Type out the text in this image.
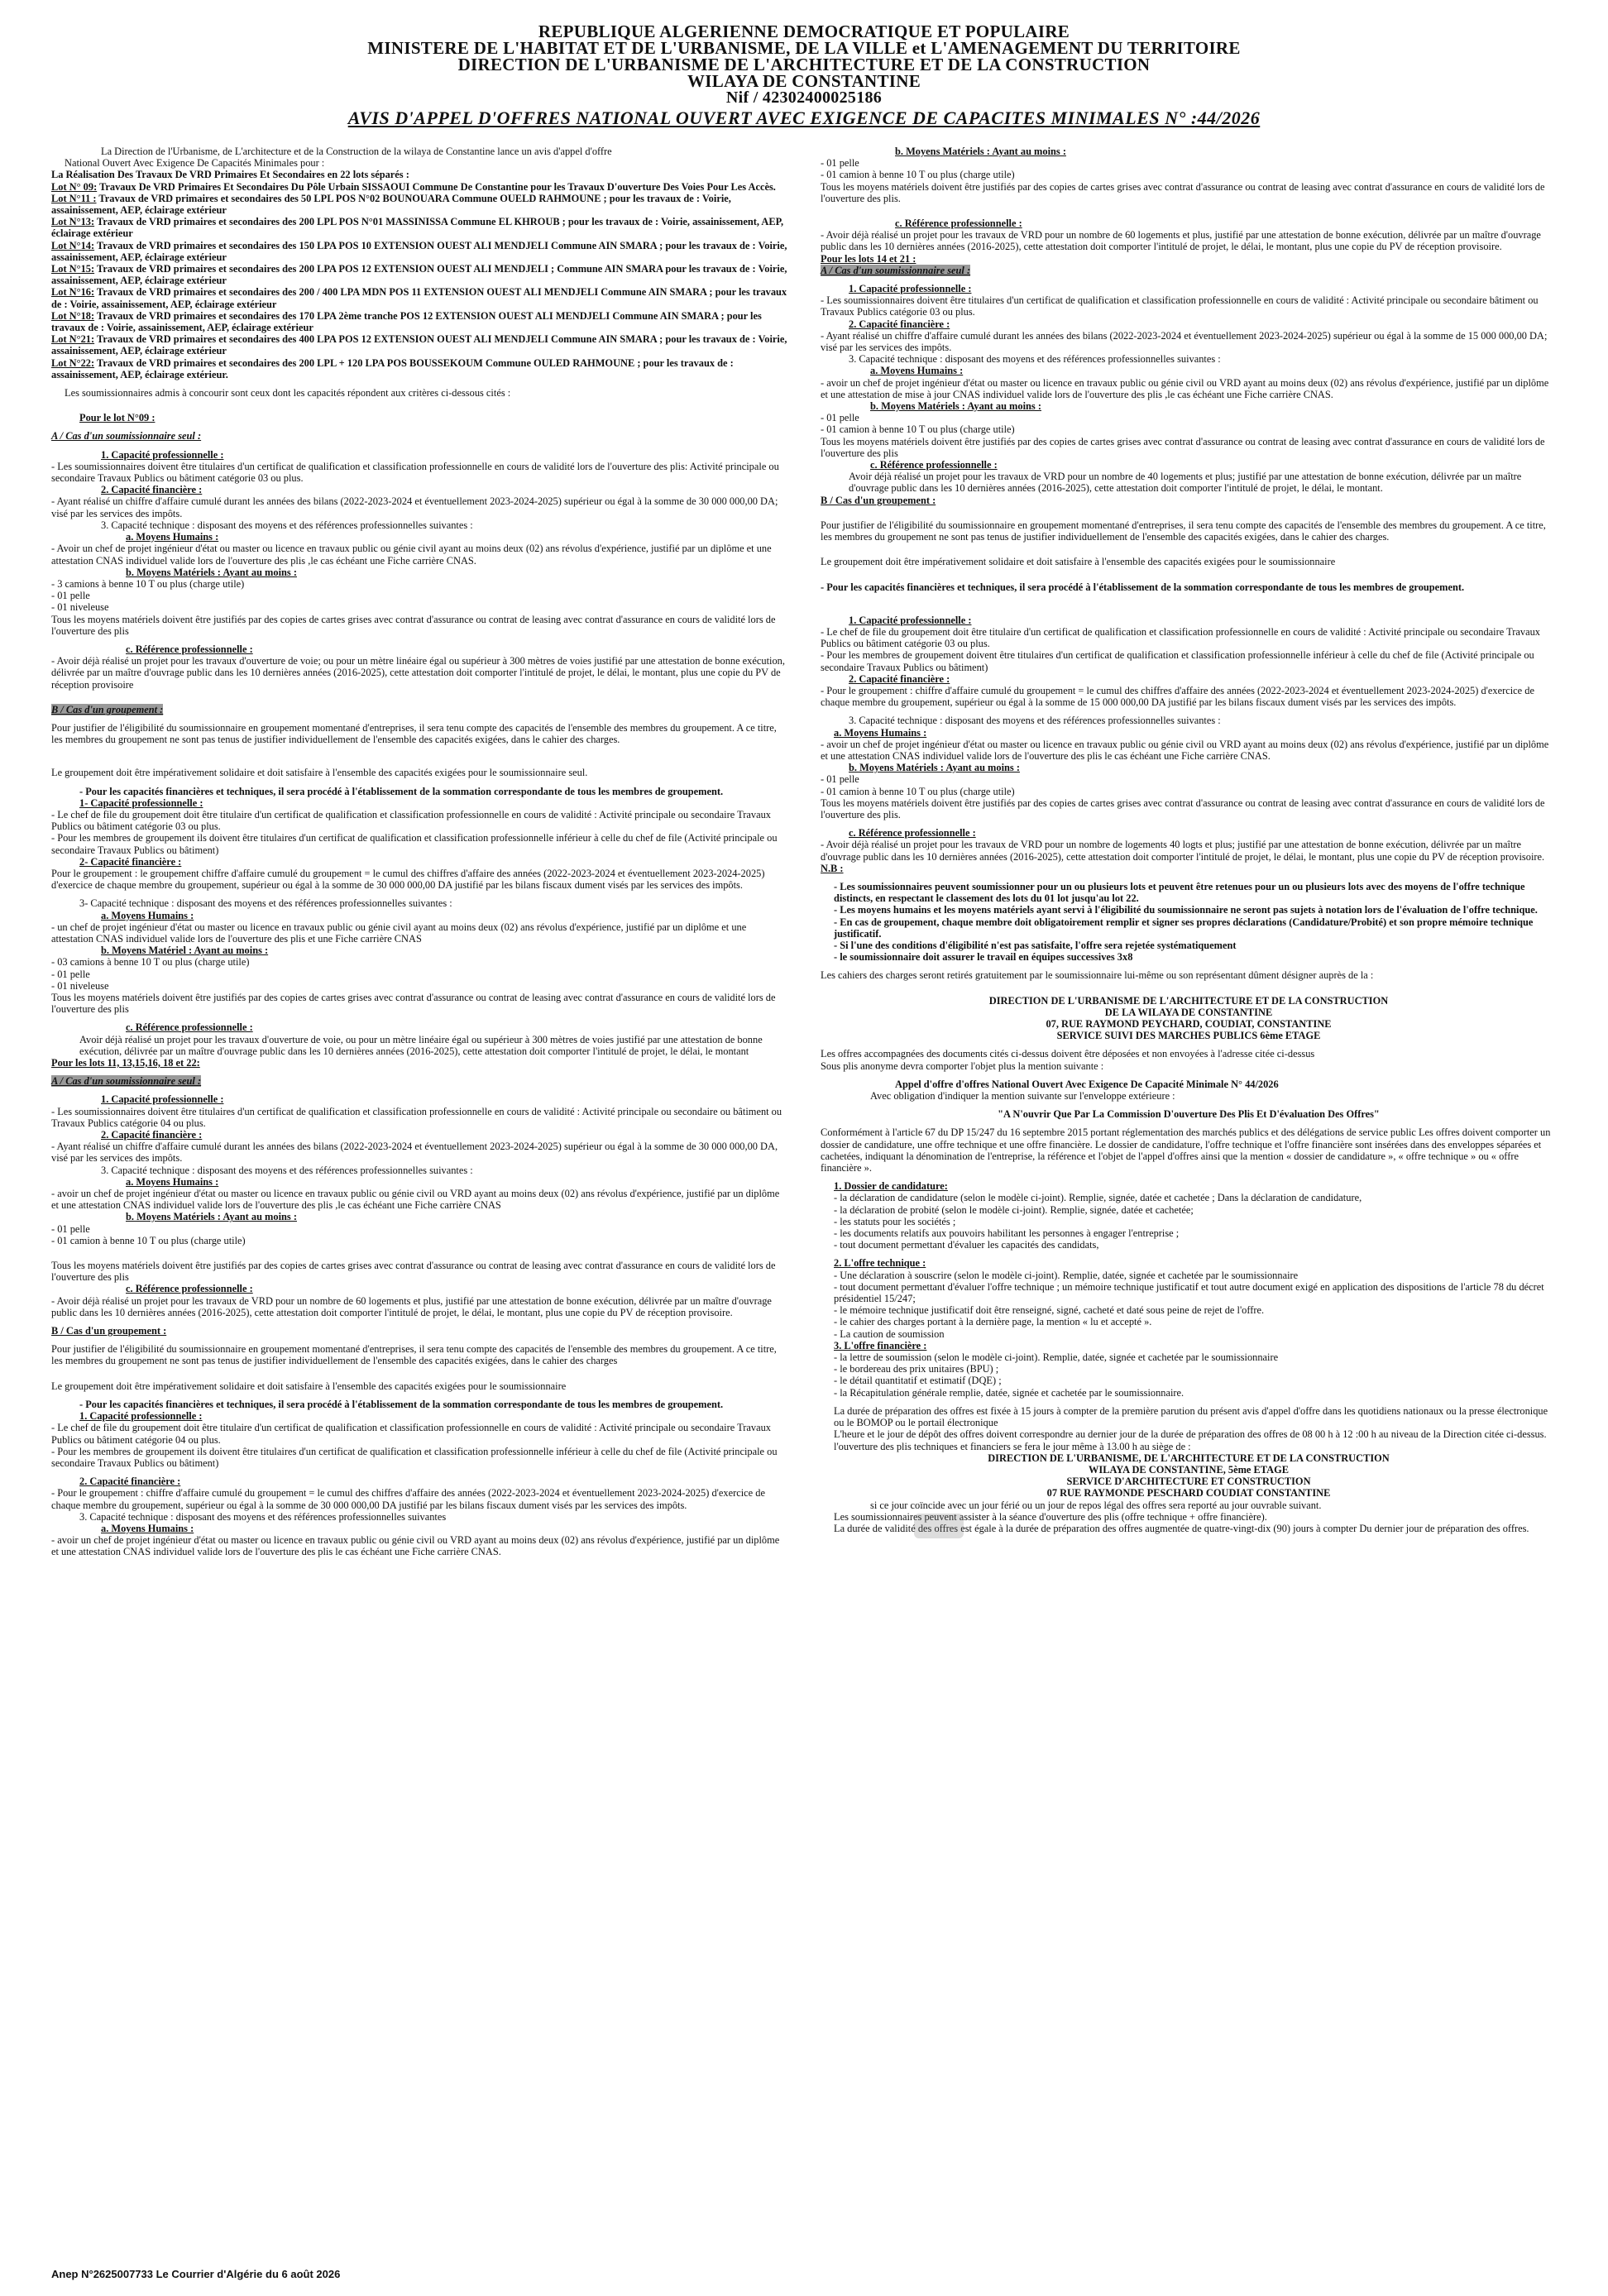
REPUBLIQUE ALGERIENNE DEMOCRATIQUE ET POPULAIRE
MINISTERE DE L'HABITAT ET DE L'URBANISME, DE LA VILLE et L'AMENAGEMENT DU TERRITOIRE
DIRECTION DE L'URBANISME DE L'ARCHITECTURE ET DE LA CONSTRUCTION
WILAYA DE CONSTANTINE
Nif / 42302400025186
AVIS D'APPEL D'OFFRES NATIONAL OUVERT AVEC EXIGENCE DE CAPACITES MINIMALES N° :44/2026

La Direction de l'Urbanisme, de L'architecture et de la Construction de la wilaya de Constantine lance un avis d'appel d'offre

National Ouvert Avec Exigence De Capacités Minimales pour :

La Réalisation Des Travaux De VRD Primaires Et Secondaires en 22 lots séparés :

Lot N° 09: Travaux De VRD Primaires Et Secondaires Du Pôle Urbain SISSAOUI Commune De Constantine pour les Travaux D'ouverture Des Voies Pour Les Accès.

Lot N°11 : Travaux de VRD primaires et secondaires des 50 LPL POS N°02 BOUNOUARA Commune OUELD RAHMOUNE ; pour les travaux de : Voirie, assainissement, AEP, éclairage extérieur

Lot N°13: Travaux de VRD primaires et secondaires des 200 LPL POS N°01 MASSINISSA Commune EL KHROUB ; pour les travaux de : Voirie, assainissement, AEP, éclairage extérieur

Lot N°14: Travaux de VRD primaires et secondaires des 150 LPA POS 10 EXTENSION OUEST ALI MENDJELI Commune AIN SMARA ; pour les travaux de : Voirie, assainissement, AEP, éclairage extérieur

Lot N°15: Travaux de VRD primaires et secondaires des 200 LPA POS 12 EXTENSION OUEST ALI MENDJELI ; Commune AIN SMARA pour les travaux de : Voirie, assainissement, AEP, éclairage extérieur

Lot N°16: Travaux de VRD primaires et secondaires des 200 / 400 LPA MDN POS 11 EXTENSION OUEST ALI MENDJELI Commune AIN SMARA ; pour les travaux de : Voirie, assainissement, AEP, éclairage extérieur

Lot N°18: Travaux de VRD primaires et secondaires des 170 LPA 2ème tranche POS 12 EXTENSION OUEST ALI MENDJELI Commune AIN SMARA ; pour les travaux de : Voirie, assainissement, AEP, éclairage extérieur

Lot N°21: Travaux de VRD primaires et secondaires des 400 LPA POS 12 EXTENSION OUEST ALI MENDJELI Commune AIN SMARA ; pour les travaux de : Voirie, assainissement, AEP, éclairage extérieur

Lot N°22: Travaux de VRD primaires et secondaires des 200 LPL + 120 LPA POS BOUSSEKOUM Commune OULED RAHMOUNE ; pour les travaux de : assainissement, AEP, éclairage extérieur.

Les soumissionnaires admis à concourir sont ceux dont les capacités répondent aux critères ci-dessous cités :

Pour le lot N°09 :

A / Cas d'un soumissionnaire seul :

1. Capacité professionnelle :

- Les soumissionnaires doivent être titulaires d'un certificat de qualification et classification professionnelle en cours de validité lors de l'ouverture des plis: Activité principale ou secondaire Travaux Publics ou bâtiment catégorie 03 ou plus.

2. Capacité financière :

- Ayant réalisé un chiffre d'affaire cumulé durant les années des bilans (2022-2023-2024 et éventuellement 2023-2024-2025) supérieur ou égal à la somme de 30 000 000,00 DA; visé par les services des impôts.

3. Capacité technique : disposant des moyens et des références professionnelles suivantes :

a. Moyens Humains :

- Avoir un chef de projet ingénieur d'état ou master ou licence en travaux public ou génie civil ayant au moins deux (02) ans révolus d'expérience, justifié par un diplôme et une attestation CNAS individuel valide lors de l'ouverture des plis ,le cas échéant une Fiche carrière CNAS.

b. Moyens Matériels : Ayant au moins :

- 3 camions à benne 10 T ou plus (charge utile)

- 01 pelle

- 01 niveleuse

Tous les moyens matériels doivent être justifiés par des copies de cartes grises avec contrat d'assurance ou contrat de leasing avec contrat d'assurance en cours de validité lors de l'ouverture des plis

c. Référence professionnelle :

- Avoir déjà réalisé un projet pour les travaux d'ouverture de voie; ou pour un mètre linéaire égal ou supérieur à 300 mètres de voies justifié par une attestation de bonne exécution, délivrée par un maître d'ouvrage public dans les 10 dernières années (2016-2025), cette attestation doit comporter l'intitulé de projet, le délai, le montant, plus une copie du PV de réception provisoire

B / Cas d'un groupement :

Pour justifier de l'éligibilité du soumissionnaire en groupement momentané d'entreprises, il sera tenu compte des capacités de l'ensemble des membres du groupement. A ce titre, les membres du groupement ne sont pas tenus de justifier individuellement de l'ensemble des capacités exigées, dans le cahier des charges.

Le groupement doit être impérativement solidaire et doit satisfaire à l'ensemble des capacités exigées pour le soumissionnaire seul.

- Pour les capacités financières et techniques, il sera procédé à l'établissement de la sommation correspondante de tous les membres de groupement.

1- Capacité professionnelle :

- Le chef de file du groupement doit être titulaire d'un certificat de qualification et classification professionnelle en cours de validité : Activité principale ou secondaire Travaux Publics ou bâtiment catégorie 03 ou plus.

- Pour les membres de groupement ils doivent être titulaires d'un certificat de qualification et classification professionnelle inférieur à celle du chef de file (Activité principale ou secondaire Travaux Publics ou bâtiment)

2- Capacité financière :

Pour le groupement : le groupement chiffre d'affaire cumulé du groupement = le cumul des chiffres d'affaire des années (2022-2023-2024 et éventuellement 2023-2024-2025) d'exercice de chaque membre du groupement, supérieur ou égal à la somme de 30 000 000,00 DA justifié par les bilans fiscaux dument visés par les services des impôts.

3- Capacité technique : disposant des moyens et des références professionnelles suivantes :

a. Moyens Humains :

- un chef de projet ingénieur d'état ou master ou licence en travaux public ou génie civil ayant au moins deux (02) ans révolus d'expérience, justifié par un diplôme et une attestation CNAS individuel valide lors de l'ouverture des plis et une Fiche carrière CNAS

b. Moyens Matériel : Ayant au moins :

- 03 camions à benne 10 T ou plus (charge utile)

- 01 pelle

- 01 niveleuse

Tous les moyens matériels doivent être justifiés par des copies de cartes grises avec contrat d'assurance ou contrat de leasing avec contrat d'assurance en cours de validité lors de l'ouverture des plis

c. Référence professionnelle :

Avoir déjà réalisé un projet pour les travaux d'ouverture de voie, ou pour un mètre linéaire égal ou supérieur à 300 mètres de voies justifié par une attestation de bonne exécution, délivrée par un maître d'ouvrage public dans les 10 dernières années (2016-2025), cette attestation doit comporter l'intitulé de projet, le délai, le montant

Pour les lots 11, 13,15,16, 18 et 22:

A / Cas d'un soumissionnaire seul :

1. Capacité professionnelle :

- Les soumissionnaires doivent être titulaires d'un certificat de qualification et classification professionnelle en cours de validité : Activité principale ou secondaire ou bâtiment ou Travaux Publics catégorie 04 ou plus.

2. Capacité financière :

- Ayant réalisé un chiffre d'affaire cumulé durant les années des bilans (2022-2023-2024 et éventuellement 2023-2024-2025) supérieur ou égal à la somme de 30 000 000,00 DA, visé par les services des impôts.

3. Capacité technique : disposant des moyens et des références professionnelles suivantes :

a. Moyens Humains :

- avoir un chef de projet ingénieur d'état ou master ou licence en travaux public ou génie civil ou VRD ayant au moins deux (02) ans révolus d'expérience, justifié par un diplôme et une attestation CNAS individuel valide lors de l'ouverture des plis ,le cas échéant une Fiche carrière CNAS

b. Moyens Matériels : Ayant au moins :

- 01 pelle

- 01 camion à benne 10 T ou plus (charge utile)

Tous les moyens matériels doivent être justifiés par des copies de cartes grises avec contrat d'assurance ou contrat de leasing avec contrat d'assurance en cours de validité lors de l'ouverture des plis

c. Référence professionnelle :

- Avoir déjà réalisé un projet pour les travaux de VRD pour un nombre de 60 logements et plus, justifié par une attestation de bonne exécution, délivrée par un maître d'ouvrage public dans les 10 dernières années (2016-2025), cette attestation doit comporter l'intitulé de projet, le délai, le montant, plus une copie du PV de réception provisoire.

B / Cas d'un groupement :

Pour justifier de l'éligibilité du soumissionnaire en groupement momentané d'entreprises, il sera tenu compte des capacités de l'ensemble des membres du groupement. A ce titre, les membres du groupement ne sont pas tenus de justifier individuellement de l'ensemble des capacités exigées, dans le cahier des charges

Le groupement doit être impérativement solidaire et doit satisfaire à l'ensemble des capacités exigées pour le soumissionnaire

- Pour les capacités financières et techniques, il sera procédé à l'établissement de la sommation correspondante de tous les membres de groupement.

1. Capacité professionnelle :

- Le chef de file du groupement doit être titulaire d'un certificat de qualification et classification professionnelle en cours de validité : Activité principale ou secondaire Travaux Publics ou bâtiment catégorie 04 ou plus.

- Pour les membres de groupement ils doivent être titulaires d'un certificat de qualification et classification professionnelle inférieur à celle du chef de file (Activité principale ou secondaire Travaux Publics ou bâtiment)

2. Capacité financière :

- Pour le groupement : chiffre d'affaire cumulé du groupement = le cumul des chiffres d'affaire des années (2022-2023-2024 et éventuellement 2023-2024-2025) d'exercice de chaque membre du groupement, supérieur ou égal à la somme de 30 000 000,00 DA justifié par les bilans fiscaux dument visés par les services des impôts.

3. Capacité technique : disposant des moyens et des références professionnelles suivantes

a. Moyens Humains :

- avoir un chef de projet ingénieur d'état ou master ou licence en travaux public ou génie civil ou VRD ayant au moins deux (02) ans révolus d'expérience, justifié par un diplôme et une attestation CNAS individuel valide lors de l'ouverture des plis le cas échéant une Fiche carrière CNAS.

b. Moyens Matériels : Ayant au moins :

- 01 pelle

- 01 camion à benne 10 T ou plus (charge utile)

Tous les moyens matériels doivent être justifiés par des copies de cartes grises avec contrat d'assurance ou contrat de leasing avec contrat d'assurance en cours de validité lors de l'ouverture des plis.

c. Référence professionnelle :

- Avoir déjà réalisé un projet pour les travaux de VRD pour un nombre de 60 logements et plus, justifié par une attestation de bonne exécution, délivrée par un maître d'ouvrage public dans les 10 dernières années (2016-2025), cette attestation doit comporter l'intitulé de projet, le délai, le montant, plus une copie du PV de réception provisoire.

Pour les lots 14 et 21 :

A / Cas d'un soumissionnaire seul :

1. Capacité professionnelle :

- Les soumissionnaires doivent être titulaires d'un certificat de qualification et classification professionnelle en cours de validité : Activité principale ou secondaire bâtiment ou Travaux Publics catégorie 03 ou plus.

2. Capacité financière :

- Ayant réalisé un chiffre d'affaire cumulé durant les années des bilans (2022-2023-2024 et éventuellement 2023-2024-2025) supérieur ou égal à la somme de 15 000 000,00 DA; visé par les services des impôts.

3. Capacité technique : disposant des moyens et des références professionnelles suivantes :

a. Moyens Humains :

- avoir un chef de projet ingénieur d'état ou master ou licence en travaux public ou génie civil ou VRD ayant au moins deux (02) ans révolus d'expérience, justifié par un diplôme et une attestation de mise à jour CNAS individuel valide lors de l'ouverture des plis ,le cas échéant une Fiche carrière CNAS.

b. Moyens Matériels : Ayant au moins :

- 01 pelle

- 01 camion à benne 10 T ou plus (charge utile)

Tous les moyens matériels doivent être justifiés par des copies de cartes grises avec contrat d'assurance ou contrat de leasing avec contrat d'assurance en cours de validité lors de l'ouverture des plis

c. Référence professionnelle :

Avoir déjà réalisé un projet pour les travaux de VRD pour un nombre de 40 logements et plus; justifié par une attestation de bonne exécution, délivrée par un maître d'ouvrage public dans les 10 dernières années (2016-2025), cette attestation doit comporter l'intitulé de projet, le délai, le montant.

B / Cas d'un groupement :

Pour justifier de l'éligibilité du soumissionnaire en groupement momentané d'entreprises, il sera tenu compte des capacités de l'ensemble des membres du groupement. A ce titre, les membres du groupement ne sont pas tenus de justifier individuellement de l'ensemble des capacités exigées, dans le cahier des charges.

Le groupement doit être impérativement solidaire et doit satisfaire à l'ensemble des capacités exigées pour le soumissionnaire

- Pour les capacités financières et techniques, il sera procédé à l'établissement de la sommation correspondante de tous les membres de groupement.

1. Capacité professionnelle :

- Le chef de file du groupement doit être titulaire d'un certificat de qualification et classification professionnelle en cours de validité : Activité principale ou secondaire Travaux Publics ou bâtiment catégorie 03 ou plus.

- Pour les membres de groupement doivent être titulaires d'un certificat de qualification et classification professionnelle inférieur à celle du chef de file (Activité principale ou secondaire Travaux Publics ou bâtiment)

2. Capacité financière :

- Pour le groupement : chiffre d'affaire cumulé du groupement = le cumul des chiffres d'affaire des années (2022-2023-2024 et éventuellement 2023-2024-2025) d'exercice de chaque membre du groupement, supérieur ou égal à la somme de 15 000 000,00 DA justifié par les bilans fiscaux dument visés par les services des impôts.

3. Capacité technique : disposant des moyens et des références professionnelles suivantes :

a. Moyens Humains :

- avoir un chef de projet ingénieur d'état ou master ou licence en travaux public ou génie civil ou VRD ayant au moins deux (02) ans révolus d'expérience, justifié par un diplôme et une attestation CNAS individuel valide lors de l'ouverture des plis le cas échéant une Fiche carrière CNAS.

b. Moyens Matériels : Ayant au moins :

- 01 pelle

- 01 camion à benne 10 T ou plus (charge utile)

Tous les moyens matériels doivent être justifiés par des copies de cartes grises avec contrat d'assurance ou contrat de leasing avec contrat d'assurance en cours de validité lors de l'ouverture des plis.

c. Référence professionnelle :

- Avoir déjà réalisé un projet pour les travaux de VRD pour un nombre de logements 40 logts et plus; justifié par une attestation de bonne exécution, délivrée par un maître d'ouvrage public dans les 10 dernières années (2016-2025), cette attestation doit comporter l'intitulé de projet, le délai, le montant, plus une copie du PV de réception provisoire.

N.B :

- Les soumissionnaires peuvent soumissionner pour un ou plusieurs lots et peuvent être retenues pour un ou plusieurs lots avec des moyens de l'offre technique distincts, en respectant le classement des lots du 01 lot jusqu'au lot 22.

- Les moyens humains et les moyens matériels ayant servi à l'éligibilité du soumissionnaire ne seront pas sujets à notation lors de l'évaluation de l'offre technique.

- En cas de groupement, chaque membre doit obligatoirement remplir et signer ses propres déclarations (Candidature/Probité) et son propre mémoire technique justificatif.

- Si l'une des conditions d'éligibilité n'est pas satisfaite, l'offre sera rejetée systématiquement

- le soumissionnaire doit assurer le travail en équipes successives 3x8

Les cahiers des charges seront retirés gratuitement par le soumissionnaire lui-même ou son représentant dûment désigner auprès de la :

DIRECTION DE L'URBANISME DE L'ARCHITECTURE ET DE LA CONSTRUCTION

DE LA WILAYA DE CONSTANTINE

07, RUE RAYMOND PEYCHARD, COUDIAT, CONSTANTINE

SERVICE SUIVI DES MARCHES PUBLICS 6ème ETAGE

Les offres accompagnées des documents cités ci-dessus doivent être déposées et non envoyées à l'adresse citée ci-dessus

Sous plis anonyme devra comporter l'objet plus la mention suivante :

Appel d'offre d'offres National Ouvert Avec Exigence De Capacité Minimale N° 44/2026

Avec obligation d'indiquer la mention suivante sur l'enveloppe extérieure :

"A N'ouvrir Que Par La Commission D'ouverture Des Plis Et D'évaluation Des Offres"

Conformément à l'article 67 du DP 15/247 du 16 septembre 2015 portant réglementation des marchés publics et des délégations de service public Les offres doivent comporter un dossier de candidature, une offre technique et une offre financière. Le dossier de candidature, l'offre technique et l'offre financière sont insérées dans des enveloppes séparées et cachetées, indiquant la dénomination de l'entreprise, la référence et l'objet de l'appel d'offres ainsi que la mention « dossier de candidature », « offre technique » ou « offre financière ».

1. Dossier de candidature:

- la déclaration de candidature (selon le modèle ci-joint). Remplie, signée, datée et cachetée ; Dans la déclaration de candidature,

- la déclaration de probité (selon le modèle ci-joint). Remplie, signée, datée et cachetée;

- les statuts pour les sociétés ;

- les documents relatifs aux pouvoirs habilitant les personnes à engager l'entreprise ;

- tout document permettant d'évaluer les capacités des candidats,

2. L'offre technique :

- Une déclaration à souscrire (selon le modèle ci-joint). Remplie, datée, signée et cachetée par le soumissionnaire

- tout document permettant d'évaluer l'offre technique ; un mémoire technique justificatif et tout autre document exigé en application des dispositions de l'article 78 du décret présidentiel 15/247;

- le mémoire technique justificatif doit être renseigné, signé, cacheté et daté sous peine de rejet de l'offre.

- le cahier des charges portant à la dernière page, la mention « lu et accepté ».

- La caution de soumission

3. L'offre financière :

- la lettre de soumission (selon le modèle ci-joint). Remplie, datée, signée et cachetée par le soumissionnaire

- le bordereau des prix unitaires (BPU) ;

- le détail quantitatif et estimatif (DQE) ;

- la Récapitulation générale remplie, datée, signée et cachetée par le soumissionnaire.

La durée de préparation des offres est fixée à 15 jours à compter de la première parution du présent avis d'appel d'offre dans les quotidiens nationaux ou la presse électronique ou le BOMOP ou le portail électronique

L'heure et le jour de dépôt des offres doivent correspondre au dernier jour de la durée de préparation des offres de 08 00 h à 12 :00 h au niveau de la Direction citée ci-dessus.

l'ouverture des plis techniques et financiers se fera le jour même à 13.00 h au siège de :

DIRECTION DE L'URBANISME, DE L'ARCHITECTURE ET DE LA CONSTRUCTION

WILAYA DE CONSTANTINE, 5ème ETAGE

SERVICE D'ARCHITECTURE ET CONSTRUCTION

07 RUE RAYMONDE PESCHARD COUDIAT CONSTANTINE

si ce jour coïncide avec un jour férié ou un jour de repos légal des offres sera reporté au jour ouvrable suivant.

Les soumissionnaires peuvent assister à la séance d'ouverture des plis (offre technique + offre financière).

La durée de validité des offres est égale à la durée de préparation des offres augmentée de quatre-vingt-dix (90) jours à compter Du dernier jour de préparation des offres.

Anep N°2625007733 Le Courrier d'Algérie du 6 août 2026
